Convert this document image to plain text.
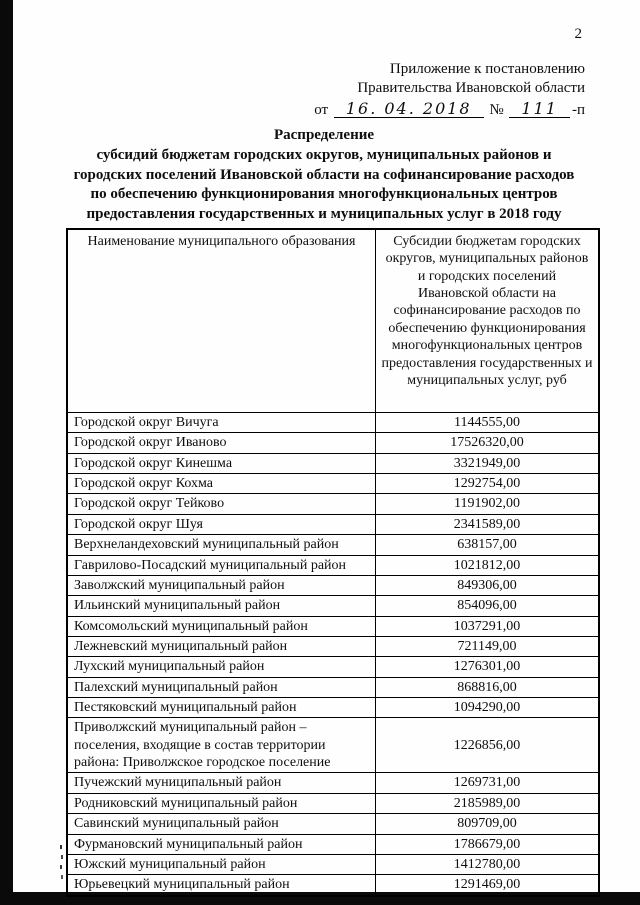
2
Приложение к постановлению
Правительства Ивановской области
от 16. 04. 2018 № 111 -п
Распределение
субсидий бюджетам городских округов, муниципальных районов и городских поселений Ивановской области на софинансирование расходов по обеспечению функционирования многофункциональных центров предоставления государственных и муниципальных услуг в 2018 году
Наименование муниципального образования	Субсидии бюджетам городских округов, муниципальных районов и городских поселений Ивановской области на софинансирование расходов по обеспечению функционирования многофункциональных центров предоставления государственных и муниципальных услуг, руб
Городской округ Вичуга	1144555,00
Городской округ Иваново	17526320,00
Городской округ Кинешма	3321949,00
Городской округ Кохма	1292754,00
Городской округ Тейково	1191902,00
Городской округ Шуя	2341589,00
Верхнеландеховский муниципальный район	638157,00
Гаврилово-Посадский муниципальный район	1021812,00
Заволжский муниципальный район	849306,00
Ильинский муниципальный район	854096,00
Комсомольский муниципальный район	1037291,00
Лежневский муниципальный район	721149,00
Лухский муниципальный район	1276301,00
Палехский муниципальный район	868816,00
Пестяковский муниципальный район	1094290,00
Приволжский муниципальный район – поселения, входящие в состав территории района: Приволжское городское поселение	1226856,00
Пучежский муниципальный район	1269731,00
Родниковский муниципальный район	2185989,00
Савинский муниципальный район	809709,00
Фурмановский муниципальный район	1786679,00
Южский муниципальный район	1412780,00
Юрьевецкий муниципальный район	1291469,00
